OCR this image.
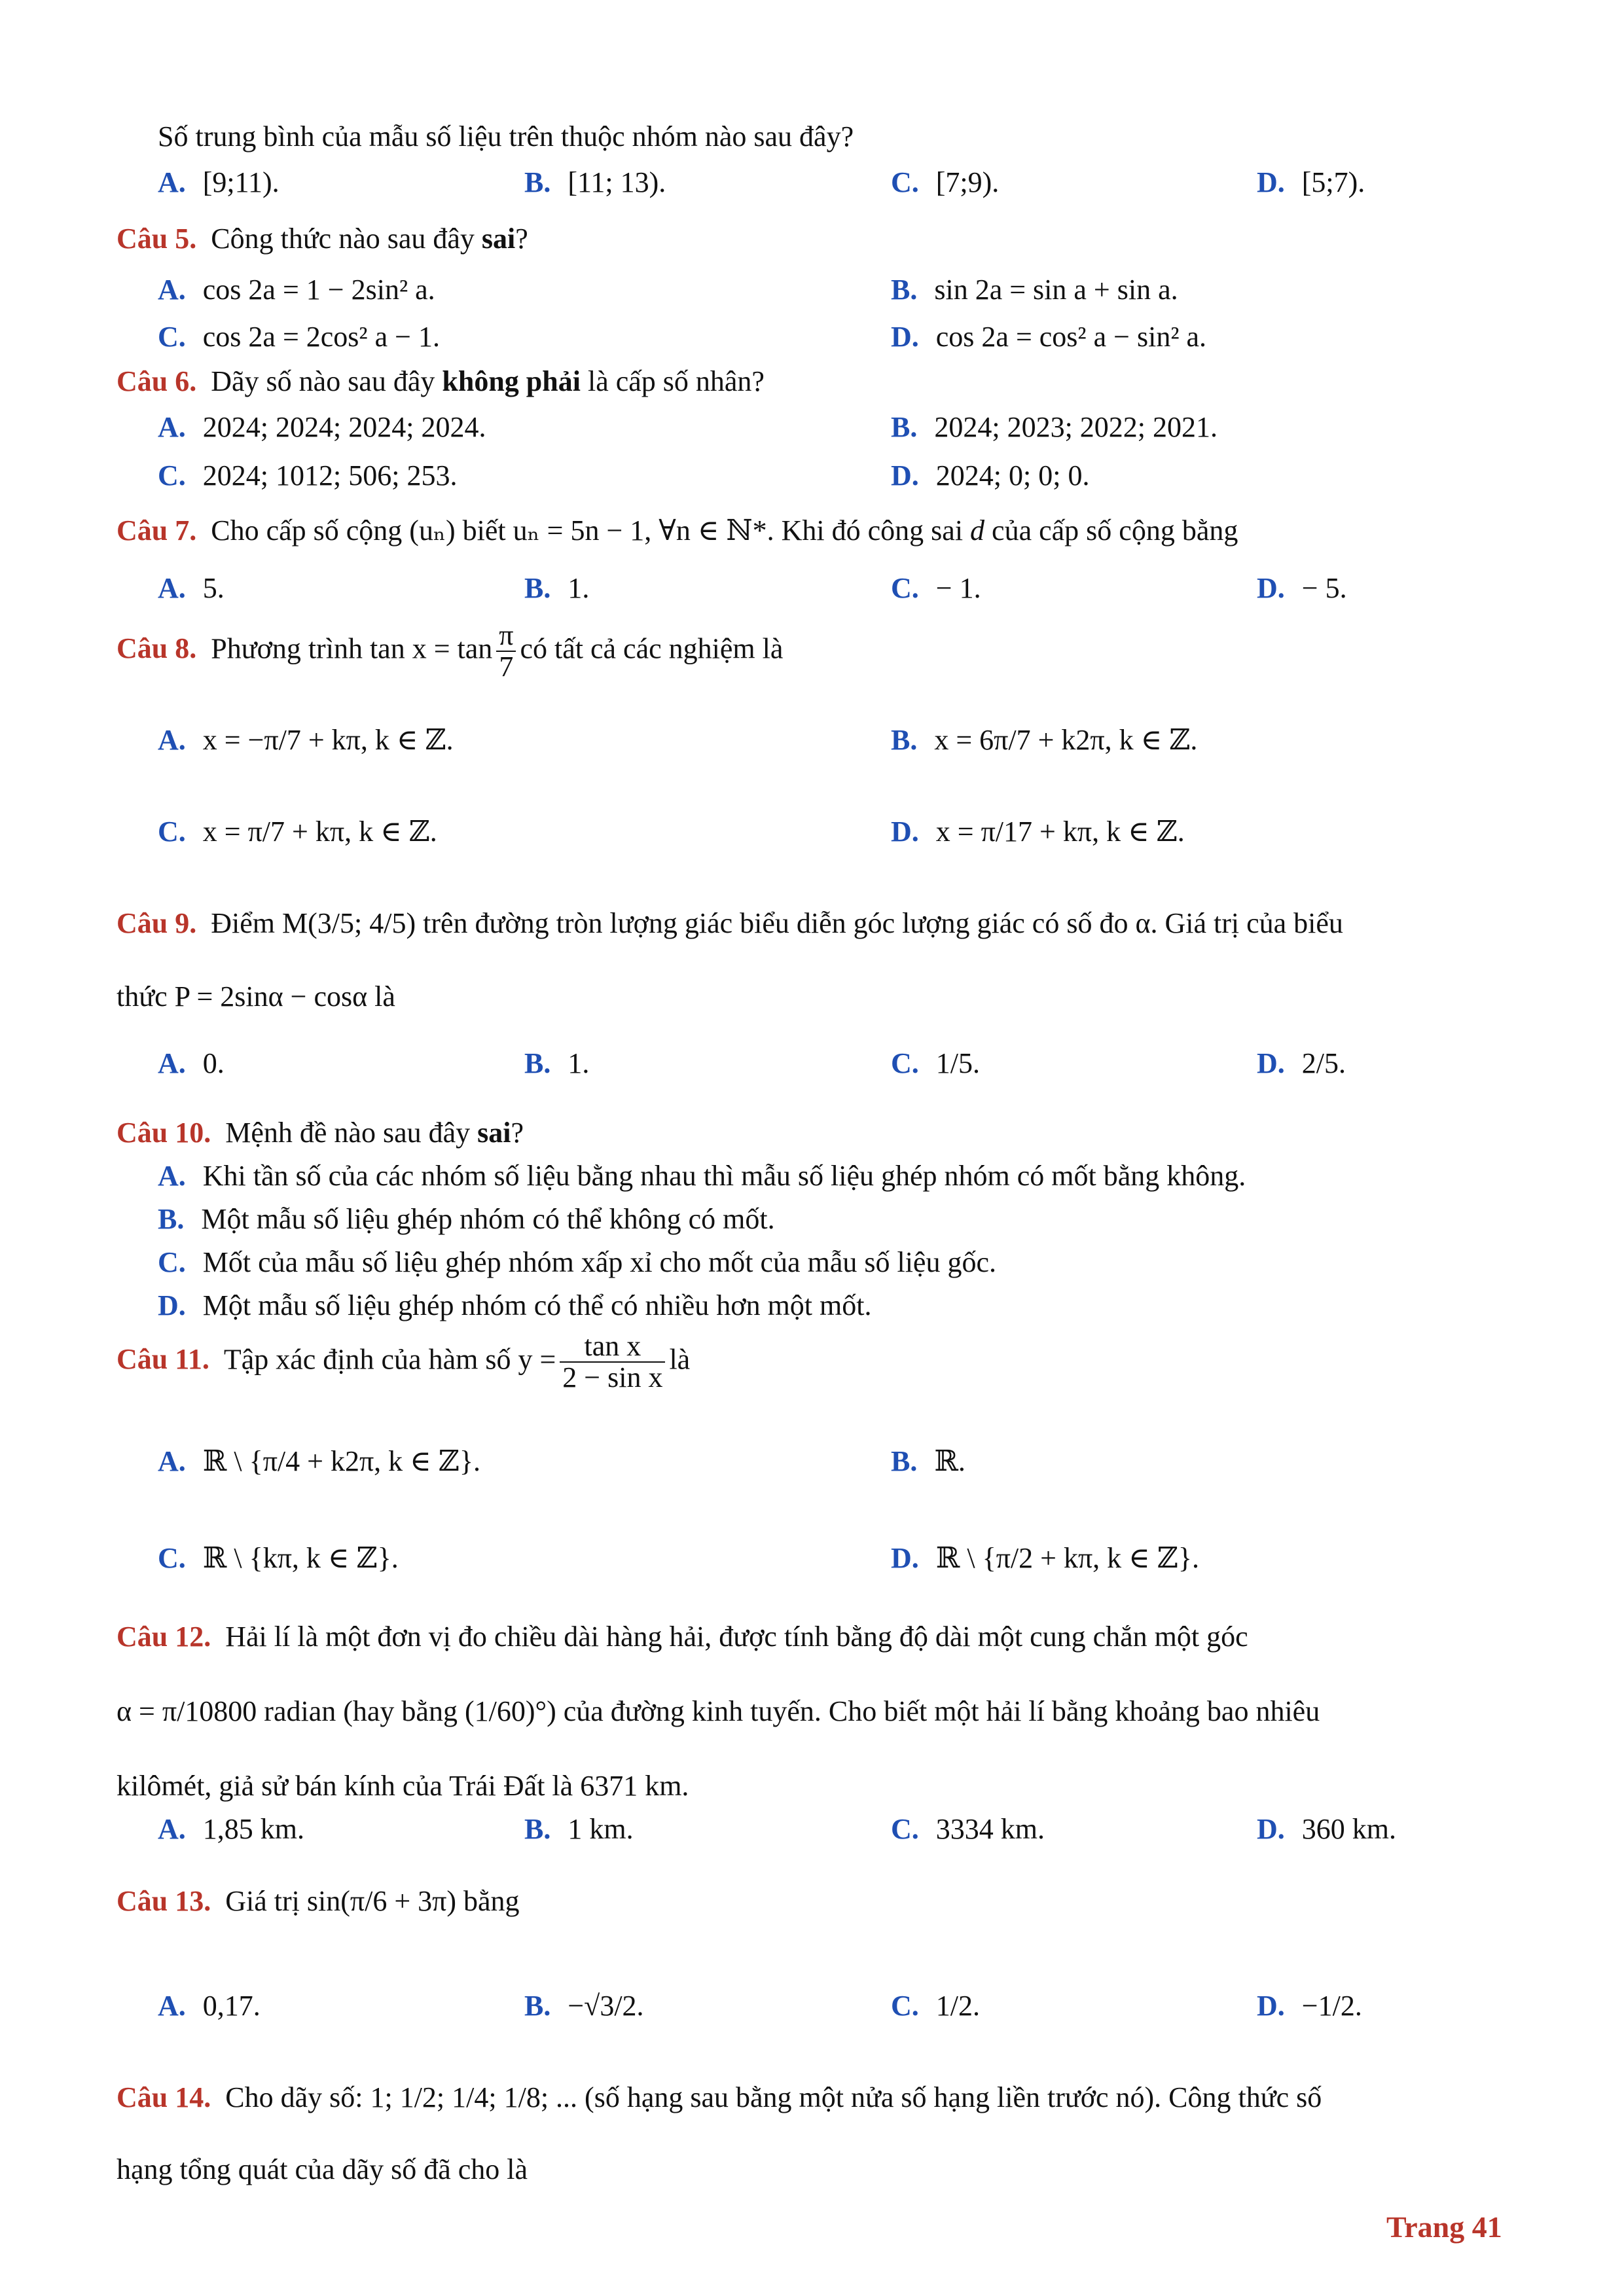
Số trung bình của mẫu số liệu trên thuộc nhóm nào sau đây?
A. [9;11).	B. [11; 13).	C. [7;9).	D. [5;7).
Câu 5. Công thức nào sau đây sai?
A. cos 2a = 1 − 2sin² a.	B. sin 2a = sin a + sin a.
C. cos 2a = 2cos² a − 1.	D. cos 2a = cos² a − sin² a.
Câu 6. Dãy số nào sau đây không phải là cấp số nhân?
A. 2024; 2024; 2024; 2024.	B. 2024; 2023; 2022; 2021.
C. 2024; 1012; 506; 253.	D. 2024; 0; 0; 0.
Câu 7. Cho cấp số cộng (uₙ) biết uₙ = 5n − 1, ∀n ∈ ℕ*. Khi đó công sai d của cấp số cộng bằng
A. 5.	B. 1.	C. − 1.	D. − 5.
Câu 8. Phương trình $\tan x = \tan \frac{\pi}{7}$ có tất cả các nghiệm là
A. x = −π/7 + kπ, k ∈ ℤ.	B. x = 6π/7 + k2π, k ∈ ℤ.
C. x = π/7 + kπ, k ∈ ℤ.	D. x = π/17 + kπ, k ∈ ℤ.
Câu 9. Điểm M(3/5; 4/5) trên đường tròn lượng giác biểu diễn góc lượng giác có số đo α. Giá trị của biểu
thức P = 2sinα − cosα là
A. 0.	B. 1.	C. 1/5.	D. 2/5.
Câu 10. Mệnh đề nào sau đây sai?
A. Khi tần số của các nhóm số liệu bằng nhau thì mẫu số liệu ghép nhóm có mốt bằng không.
B. Một mẫu số liệu ghép nhóm có thể không có mốt.
C. Mốt của mẫu số liệu ghép nhóm xấp xỉ cho mốt của mẫu số liệu gốc.
D. Một mẫu số liệu ghép nhóm có thể có nhiều hơn một mốt.
Câu 11. Tập xác định của hàm số $y = \frac{\text{tan x}}{\text{2 − sin x}}$ là
A. ℝ \ {π/4 + k2π, k ∈ ℤ}.	B. ℝ.
C. ℝ \ {kπ, k ∈ ℤ}.	D. ℝ \ {π/2 + kπ, k ∈ ℤ}.
Câu 12. Hải lí là một đơn vị đo chiều dài hàng hải, được tính bằng độ dài một cung chắn một góc
α = π/10800 radian (hay bằng (1/60)°) của đường kinh tuyến. Cho biết một hải lí bằng khoảng bao nhiêu
kilômét, giả sử bán kính của Trái Đất là 6371 km.
A. 1,85 km.	B. 1 km.	C. 3334 km.	D. 360 km.
Câu 13. Giá trị sin(π/6 + 3π) bằng
A. 0,17.	B. −√3/2.	C. 1/2.	D. −1/2.
Câu 14. Cho dãy số: 1; 1/2; 1/4; 1/8; ... (số hạng sau bằng một nửa số hạng liền trước nó). Công thức số
hạng tổng quát của dãy số đã cho là
Trang 41
